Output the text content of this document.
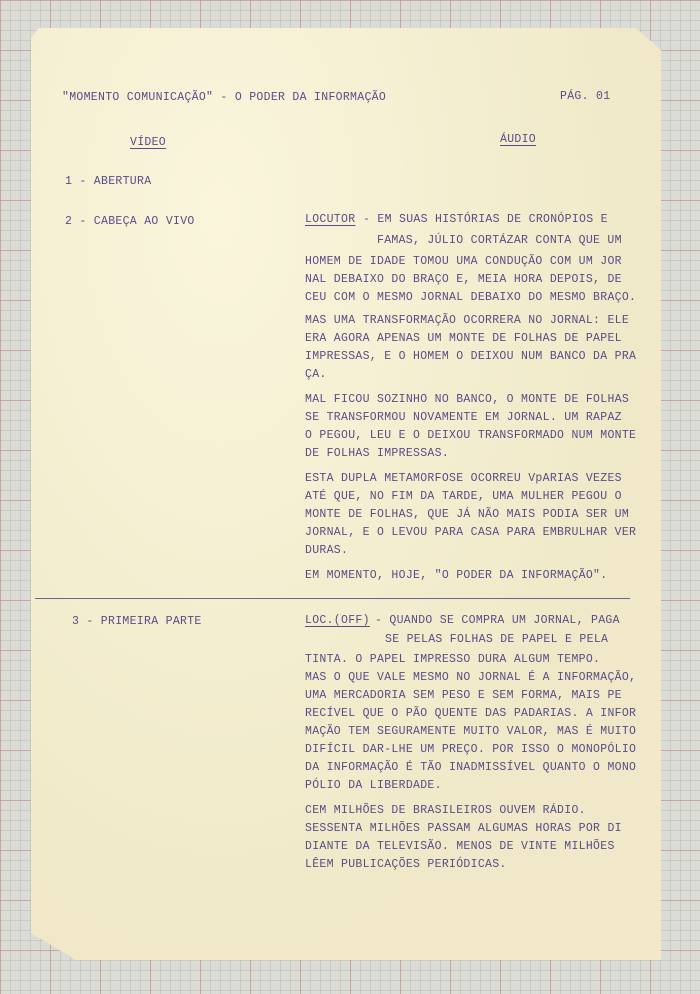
"MOMENTO COMUNICAÇÃO" - O PODER DA INFORMAÇÃO	PÁG. 01
VÍDEO	ÁUDIO
1 - ABERTURA
2 - CABEÇA AO VIVO	LOCUTOR - EM SUAS HISTÓRIAS DE CRONÓPIOS E
FAMAS, JÚLIO CORTÁZAR CONTA QUE UM
HOMEM DE IDADE TOMOU UMA CONDUÇÃO COM UM JOR
NAL DEBAIXO DO BRAÇO E, MEIA HORA DEPOIS, DE
CEU COM O MESMO JORNAL DEBAIXO DO MESMO BRAÇO.
MAS UMA TRANSFORMAÇÃO OCORRERA NO JORNAL: ELE
ERA AGORA APENAS UM MONTE DE FOLHAS DE PAPEL
IMPRESSAS, E O HOMEM O DEIXOU NUM BANCO DA PRA
ÇA.
MAL FICOU SOZINHO NO BANCO, O MONTE DE FOLHAS
SE TRANSFORMOU NOVAMENTE EM JORNAL. UM RAPAZ
O PEGOU, LEU E O DEIXOU TRANSFORMADO NUM MONTE
DE FOLHAS IMPRESSAS.
ESTA DUPLA METAMORFOSE OCORREU VpARIAS VEZES
ATÉ QUE, NO FIM DA TARDE, UMA MULHER PEGOU O
MONTE DE FOLHAS, QUE JÁ NÃO MAIS PODIA SER UM
JORNAL, E O LEVOU PARA CASA PARA EMBRULHAR VER
DURAS.
EM MOMENTO, HOJE, "O PODER DA INFORMAÇÃO".
3 - PRIMEIRA PARTE	LOC.(OFF) - QUANDO SE COMPRA UM JORNAL, PAGA
SE PELAS FOLHAS DE PAPEL E PELA
TINTA. O PAPEL IMPRESSO DURA ALGUM TEMPO.
MAS O QUE VALE MESMO NO JORNAL É A INFORMAÇÃO,
UMA MERCADORIA SEM PESO E SEM FORMA, MAIS PE
RECÍVEL QUE O PÃO QUENTE DAS PADARIAS. A INFOR
MAÇÃO TEM SEGURAMENTE MUITO VALOR, MAS É MUITO
DIFÍCIL DAR-LHE UM PREÇO. POR ISSO O MONOPÓLIO
DA INFORMAÇÃO É TÃO INADMISSÍVEL QUANTO O MONO
PÓLIO DA LIBERDADE.
CEM MILHÕES DE BRASILEIROS OUVEM RÁDIO.
SESSENTA MILHÕES PASSAM ALGUMAS HORAS POR DI
DIANTE DA TELEVISÃO. MENOS DE VINTE MILHÕES
LÊEM PUBLICAÇÕES PERIÓDICAS.
